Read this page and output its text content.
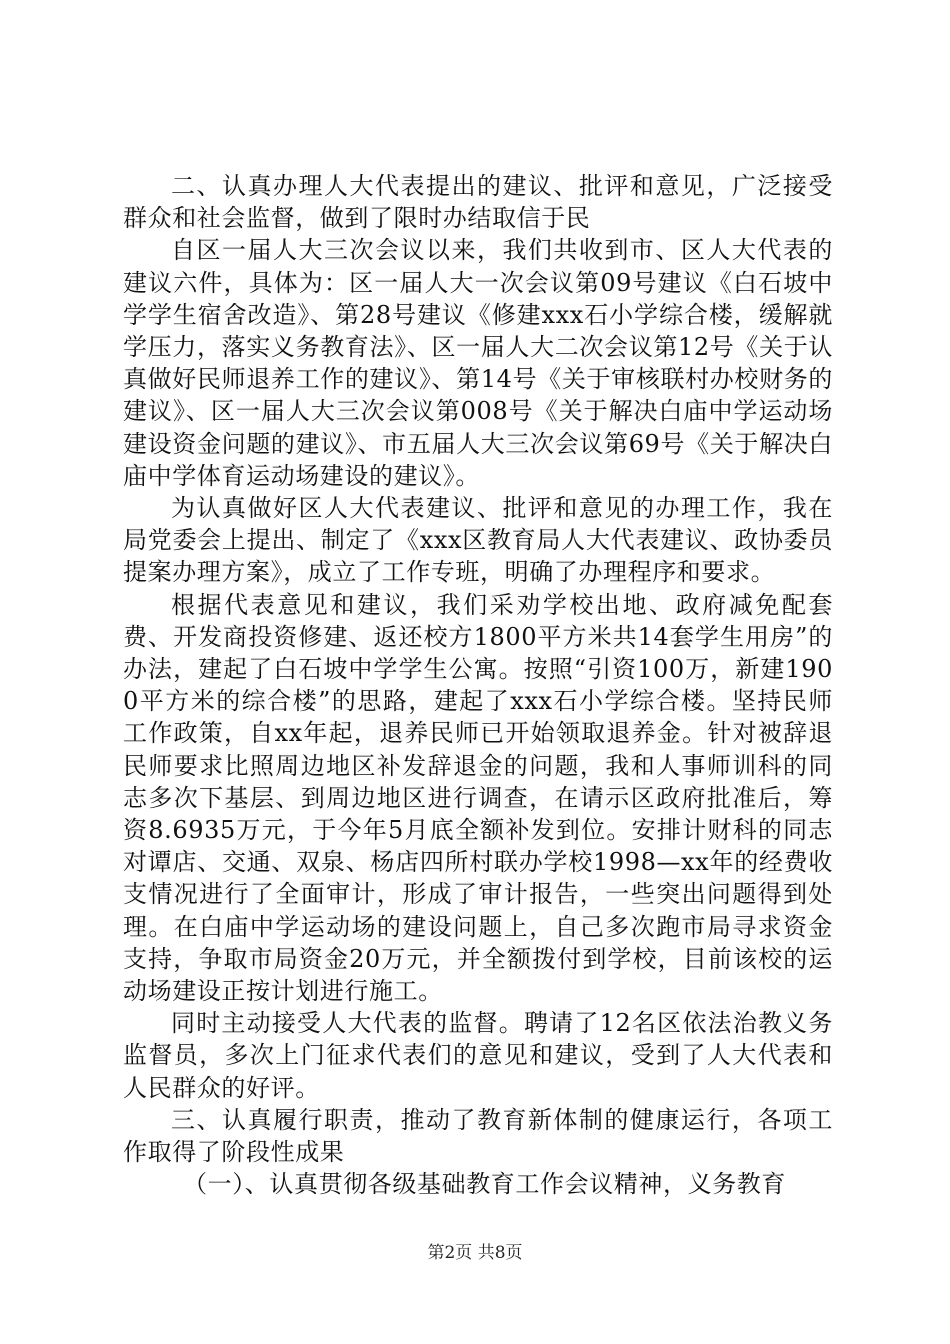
二、认真办理人大代表提出的建议、批评和意见，广泛接受群众和社会监督，做到了限时办结取信于民

自区一届人大三次会议以来，我们共收到市、区人大代表的建议六件，具体为：区一届人大一次会议第09号建议《白石坡中学学生宿舍改造》、第28号建议《修建xxx石小学综合楼，缓解就学压力，落实义务教育法》、区一届人大二次会议第12号《关于认真做好民师退养工作的建议》、第14号《关于审核联村办校财务的建议》、区一届人大三次会议第008号《关于解决白庙中学运动场建设资金问题的建议》、市五届人大三次会议第69号《关于解决白庙中学体育运动场建设的建议》。

为认真做好区人大代表建议、批评和意见的办理工作，我在局党委会上提出、制定了《xxx区教育局人大代表建议、政协委员提案办理方案》，成立了工作专班，明确了办理程序和要求。

根据代表意见和建议，我们采劝学校出地、政府减免配套费、开发商投资修建、返还校方1800平方米共14套学生用房”的办法，建起了白石坡中学学生公寓。按照“引资100万，新建1900平方米的综合楼”的思路，建起了xxx石小学综合楼。坚持民师工作政策，自xx年起，退养民师已开始领取退养金。针对被辞退民师要求比照周边地区补发辞退金的问题，我和人事师训科的同志多次下基层、到周边地区进行调查，在请示区政府批准后，筹资8.6935万元，于今年5月底全额补发到位。安排计财科的同志对谭店、交通、双泉、杨店四所村联办学校1998—xx年的经费收支情况进行了全面审计，形成了审计报告，一些突出问题得到处理。在白庙中学运动场的建设问题上，自己多次跑市局寻求资金支持，争取市局资金20万元，并全额拨付到学校，目前该校的运动场建设正按计划进行施工。

同时主动接受人大代表的监督。聘请了12名区依法治教义务监督员，多次上门征求代表们的意见和建议，受到了人大代表和人民群众的好评。

三、认真履行职责，推动了教育新体制的健康运行，各项工作取得了阶段性成果

（一）、认真贯彻各级基础教育工作会议精神，义务教育

第2页 共8页
